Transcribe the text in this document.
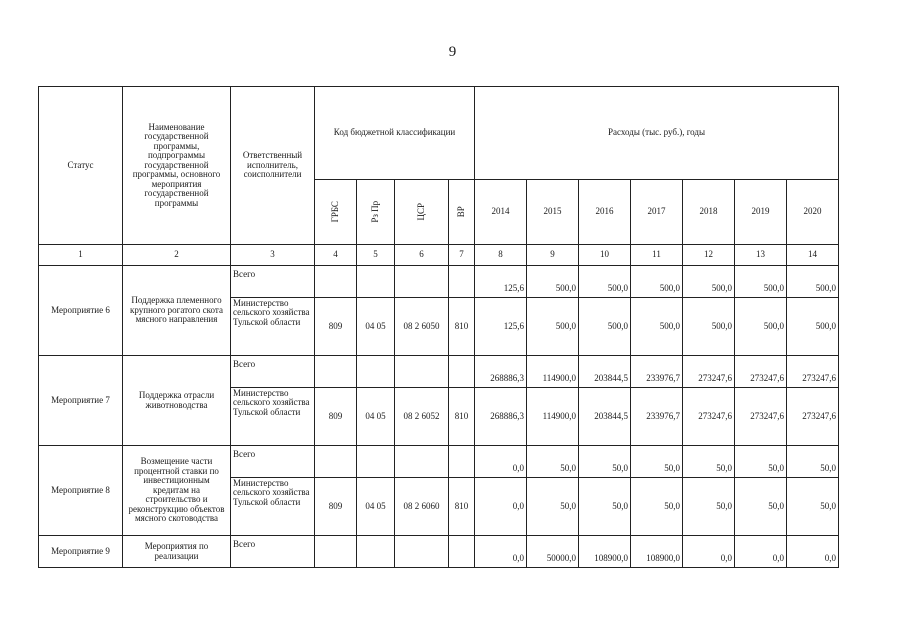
9
Статус	Наименование государственной программы, подпрограммы государственной программы, основного мероприятия государственной программы	Ответственный исполнитель, соисполнители	Код бюджетной классификации				Расходы (тыс. руб.), годы						
			ГРБС	Рз Пр	ЦСР	ВР	2014	2015	2016	2017	2018	2019	2020
1	2	3	4	5	6	7	8	9	10	11	12	13	14
Мероприятие 6	Поддержка племенного крупного рогатого скота мясного направления	Всего					125,6	500,0	500,0	500,0	500,0	500,0	500,0
		Министерство сельского хозяйства Тульской области	809	04 05	08 2 6050	810	125,6	500,0	500,0	500,0	500,0	500,0	500,0
Мероприятие 7	Поддержка отрасли животноводства	Всего					268886,3	114900,0	203844,5	233976,7	273247,6	273247,6	273247,6
		Министерство сельского хозяйства Тульской области	809	04 05	08 2 6052	810	268886,3	114900,0	203844,5	233976,7	273247,6	273247,6	273247,6
Мероприятие 8	Возмещение части процентной ставки по инвестиционным кредитам на строительство и реконструкцию объектов мясного скотоводства	Всего					0,0	50,0	50,0	50,0	50,0	50,0	50,0
		Министерство сельского хозяйства Тульской области	809	04 05	08 2 6060	810	0,0	50,0	50,0	50,0	50,0	50,0	50,0
Мероприятие 9	Мероприятия по реализации	Всего					0,0	50000,0	108900,0	108900,0	0,0	0,0	0,0
